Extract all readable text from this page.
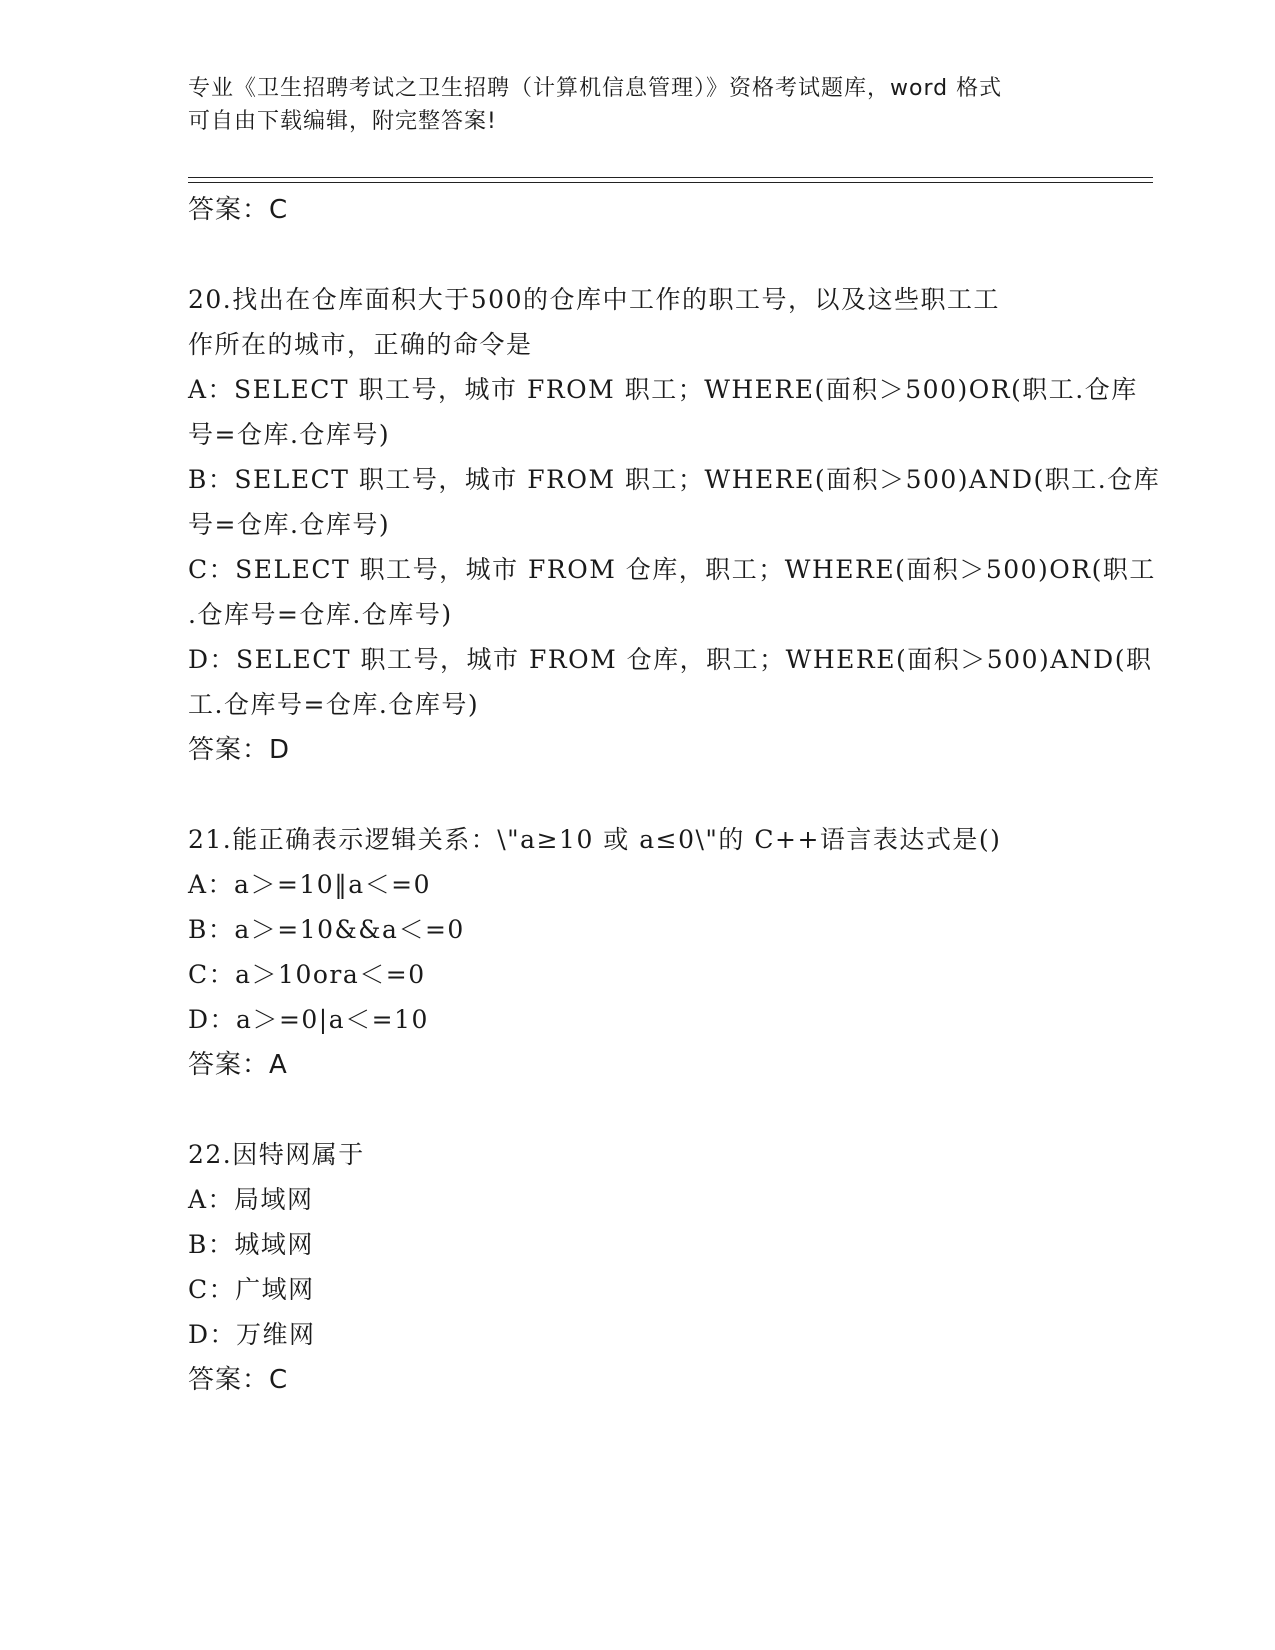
专业《卫生招聘考试之卫生招聘（计算机信息管理）》资格考试题库，word 格式
可自由下载编辑，附完整答案!
答案：C
20.找出在仓库面积大于500的仓库中工作的职工号，以及这些职工工
作所在的城市，正确的命令是
A：SELECT 职工号，城市 FROM 职工；WHERE(面积＞500)OR(职工.仓库
号=仓库.仓库号)
B：SELECT 职工号，城市 FROM 职工；WHERE(面积＞500)AND(职工.仓库
号=仓库.仓库号)
C：SELECT 职工号，城市 FROM 仓库，职工；WHERE(面积＞500)OR(职工
.仓库号=仓库.仓库号)
D：SELECT 职工号，城市 FROM 仓库，职工；WHERE(面积＞500)AND(职
工.仓库号=仓库.仓库号)
答案：D
21.能正确表示逻辑关系：\"a≥10 或 a≤0\"的 C++语言表达式是()
A：a＞=10‖a＜=0
B：a＞=10&&a＜=0
C：a＞10ora＜=0
D：a＞=0|a＜=10
答案：A
22.因特网属于
A：局域网
B：城域网
C：广域网
D：万维网
答案：C
